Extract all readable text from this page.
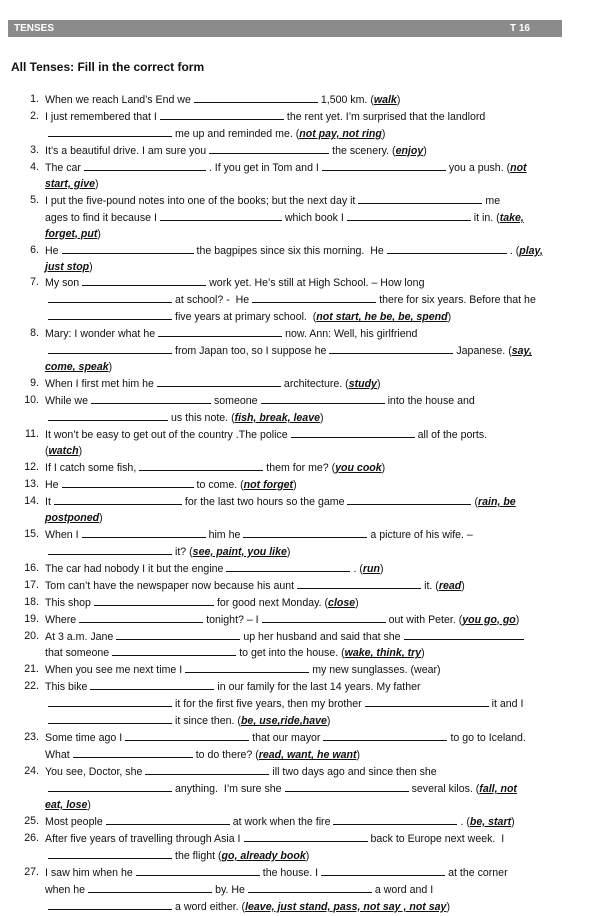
TENSES	T 16
All Tenses: Fill in the correct form
1. When we reach Land’s End we	1,500 km. (walk)
2. I just remembered that I	the rent yet. I’m surprised that the landlord
me up and reminded me. (not pay, not ring)
3. It’s a beautiful drive. I am sure you	the scenery. (enjoy)
4. The car	. If you get in Tom and I	you a push. (not
start, give)
5. I put the five-pound notes into one of the books; but the next day it	me
ages to find it because I	which book I	it in. (take,
forget, put)
6. He	the bagpipes since six this morning.  He	. (play,
just stop)
7. My son	work yet. He’s still at High School. – How long
at school? -  He	there for six years. Before that he
five years at primary school.  (not start, he be, be, spend)
8. Mary: I wonder what he	now. Ann: Well, his girlfriend
from Japan too, so I suppose he	Japanese. (say,
come, speak)
9. When I first met him he	architecture. (study)
10. While we	someone	into the house and
us this note. (fish, break, leave)
11. It won’t be easy to get out of the country .The police	all of the ports.
(watch)
12. If I catch some fish,	them for me? (you cook)
13. He	to come. (not forget)
14. It	for the last two hours so the game	(rain, be
postponed)
15. When I	him he	a picture of his wife. –
it? (see, paint, you like)
16. The car had nobody I it but the engine	. (run)
17. Tom can’t have the newspaper now because his aunt	it. (read)
18. This shop	for good next Monday. (close)
19. Where	tonight? – I	out with Peter. (you go, go)
20. At 3 a.m. Jane	up her husband and said that she
that someone	to get into the house. (wake, think, try)
21. When you see me next time I	my new sunglasses. (wear)
22. This bike	in our family for the last 14 years. My father
it for the first five years, then my brother	it and I
it since then. (be, use,ride,have)
23. Some time ago I	that our mayor	to go to Iceland.
What	to do there? (read, want, he want)
24. You see, Doctor, she	ill two days ago and since then she
anything.  I’m sure she	several kilos. (fall, not
eat, lose)
25. Most people	at work when the fire	. (be, start)
26. After five years of travelling through Asia I	back to Europe next week.  I
the flight (go, already book)
27. I saw him when he	the house. I	at the corner
when he	by. He	a word and I
a word either. (leave, just stand, pass, not say , not say)
